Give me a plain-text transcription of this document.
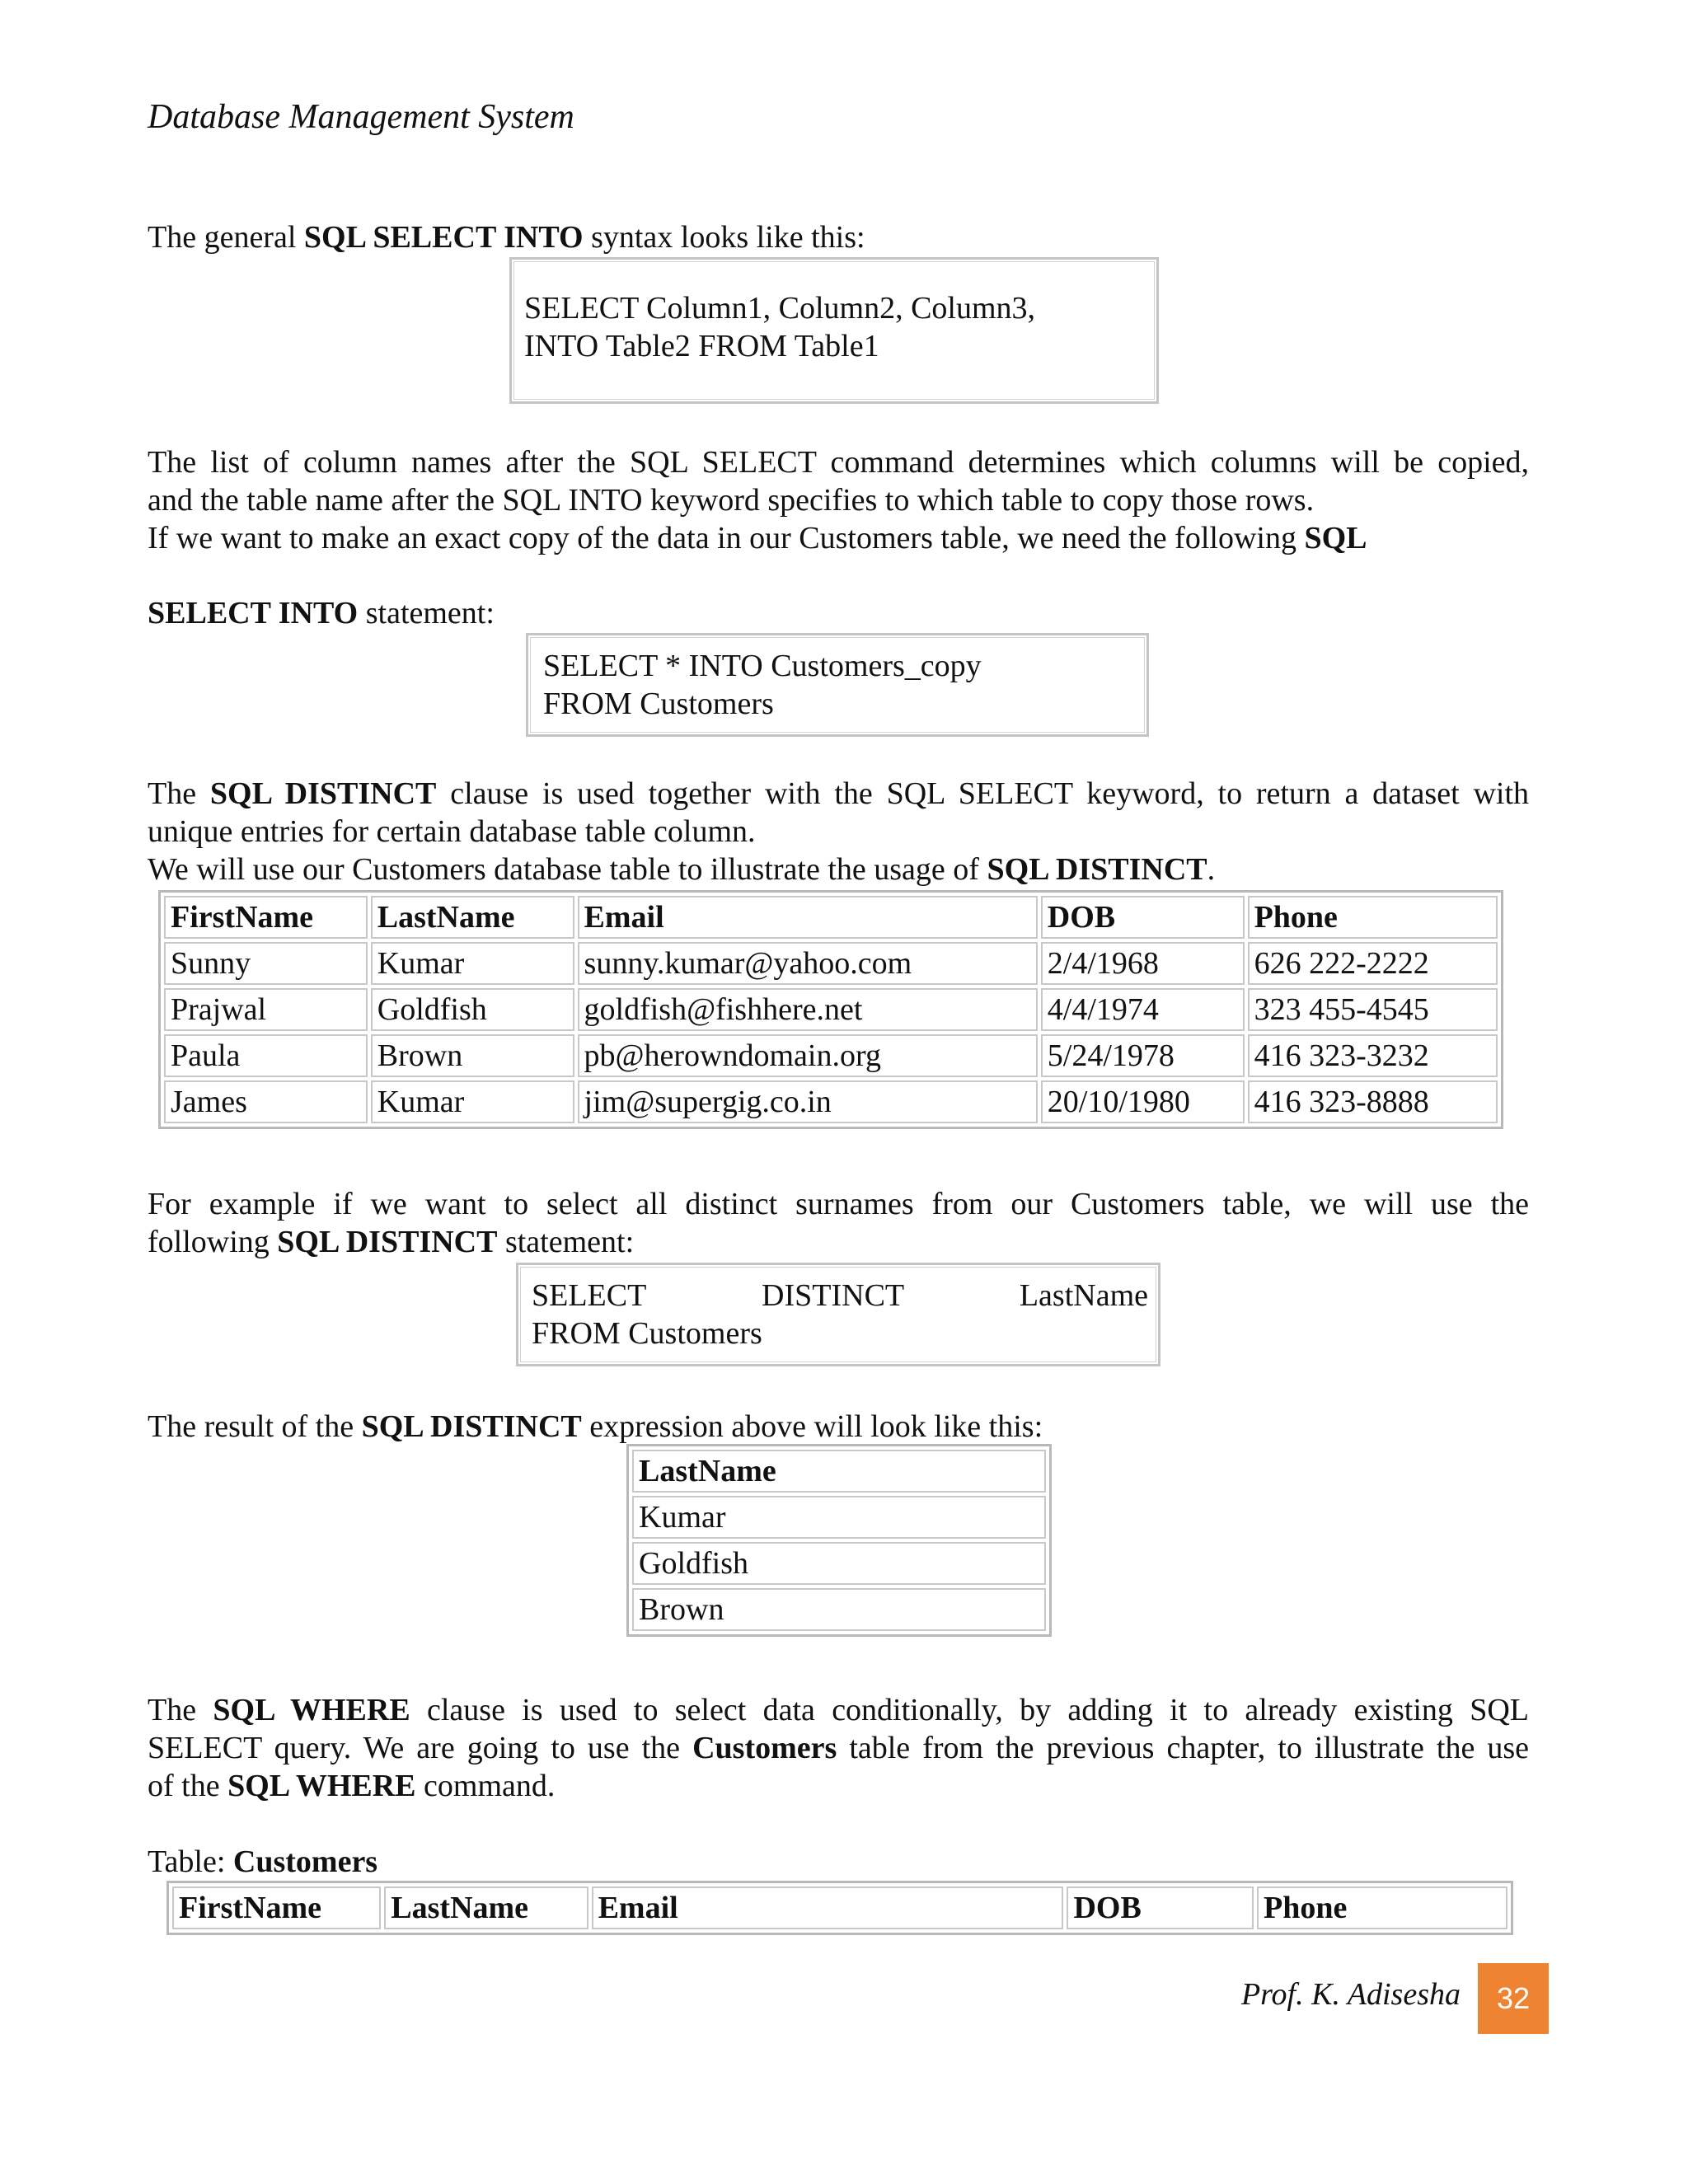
Database Management System

The general SQL SELECT INTO syntax looks like this:

SELECT Column1, Column2, Column3,
INTO Table2 FROM Table1

The list of column names after the SQL SELECT command determines which columns will be copied,

and the table name after the SQL INTO keyword specifies to which table to copy those rows.

If we want to make an exact copy of the data in our Customers table, we need the following SQL

SELECT INTO statement:

SELECT * INTO Customers_copy
FROM Customers

The SQL DISTINCT clause is used together with the SQL SELECT keyword, to return a dataset with

unique entries for certain database table column.

We will use our Customers database table to illustrate the usage of SQL DISTINCT.

FirstName	LastName	Email	DOB	Phone
Sunny	Kumar	sunny.kumar@yahoo.com	2/4/1968	626 222-2222
Prajwal	Goldfish	goldfish@fishhere.net	4/4/1974	323 455-4545
Paula	Brown	pb@herowndomain.org	5/24/1978	416 323-3232
James	Kumar	jim@supergig.co.in	20/10/1980	416 323-8888

For example if we want to select all distinct surnames from our Customers table, we will use the

following SQL DISTINCT statement:

SELECT DISTINCT LastName
FROM Customers

The result of the SQL DISTINCT expression above will look like this:

LastName
Kumar
Goldfish
Brown

The SQL WHERE clause is used to select data conditionally, by adding it to already existing SQL

SELECT query. We are going to use the Customers table from the previous chapter, to illustrate the use

of the SQL WHERE command.

Table: Customers

FirstName	LastName	Email	DOB	Phone
Prof. K. Adisesha	32
